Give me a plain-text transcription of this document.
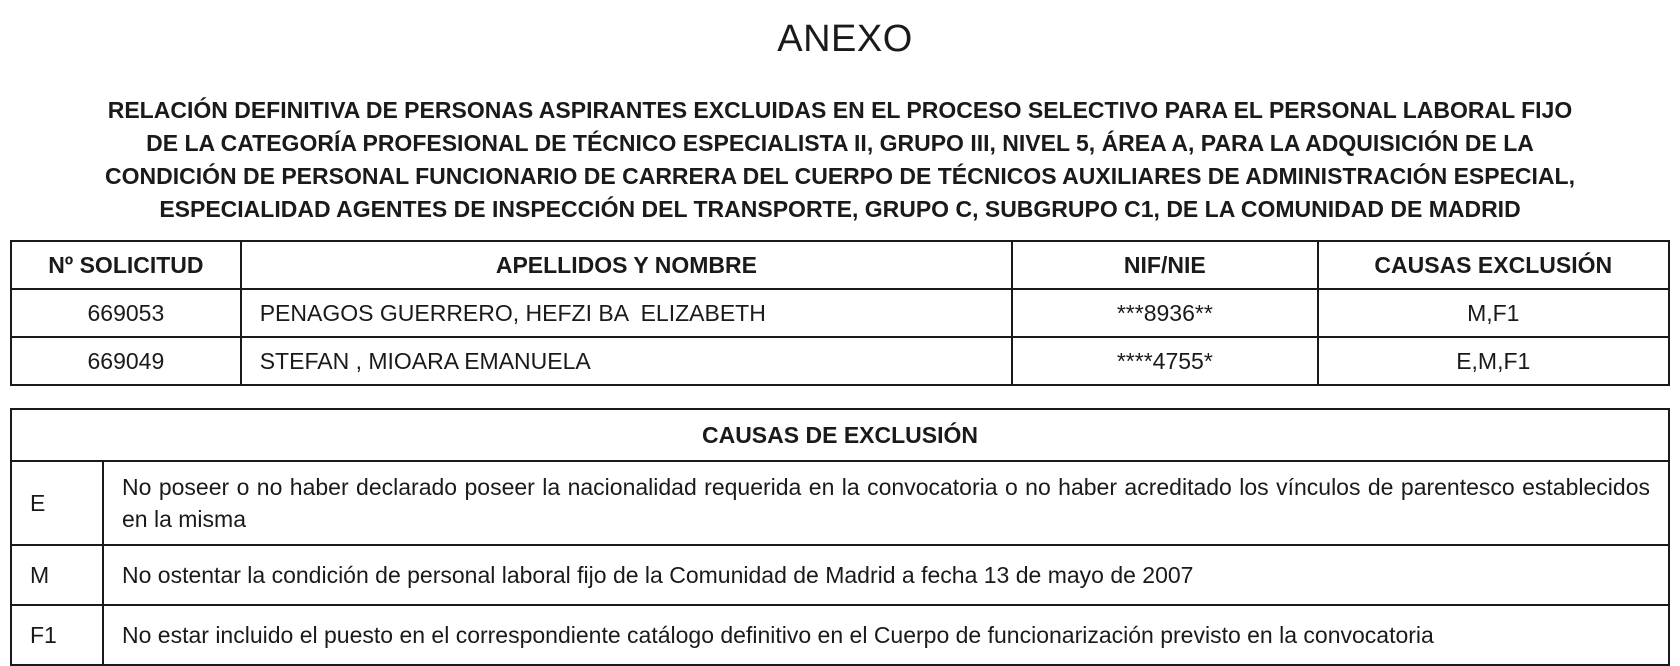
ANEXO
RELACIÓN DEFINITIVA DE PERSONAS ASPIRANTES EXCLUIDAS EN EL PROCESO SELECTIVO PARA EL PERSONAL LABORAL FIJO
DE LA CATEGORÍA PROFESIONAL DE TÉCNICO ESPECIALISTA II, GRUPO III, NIVEL 5, ÁREA A, PARA LA ADQUISICIÓN DE LA
CONDICIÓN DE PERSONAL FUNCIONARIO DE CARRERA DEL CUERPO DE TÉCNICOS AUXILIARES DE ADMINISTRACIÓN ESPECIAL,
ESPECIALIDAD AGENTES DE INSPECCIÓN DEL TRANSPORTE, GRUPO C, SUBGRUPO C1, DE LA COMUNIDAD DE MADRID
Nº SOLICITUD	APELLIDOS Y NOMBRE	NIF/NIE	CAUSAS EXCLUSIÓN
669053	PENAGOS GUERRERO, HEFZI BA  ELIZABETH	***8936**	M,F1
669049	STEFAN , MIOARA EMANUELA	****4755*	E,M,F1
CAUSAS DE EXCLUSIÓN	
E	No poseer o no haber declarado poseer la nacionalidad requerida en la convocatoria o no haber acreditado los vínculos de parentesco establecidos en la misma
M	No ostentar la condición de personal laboral fijo de la Comunidad de Madrid a fecha 13 de mayo de 2007
F1	No estar incluido el puesto en el correspondiente catálogo definitivo en el Cuerpo de funcionarización previsto en la convocatoria
